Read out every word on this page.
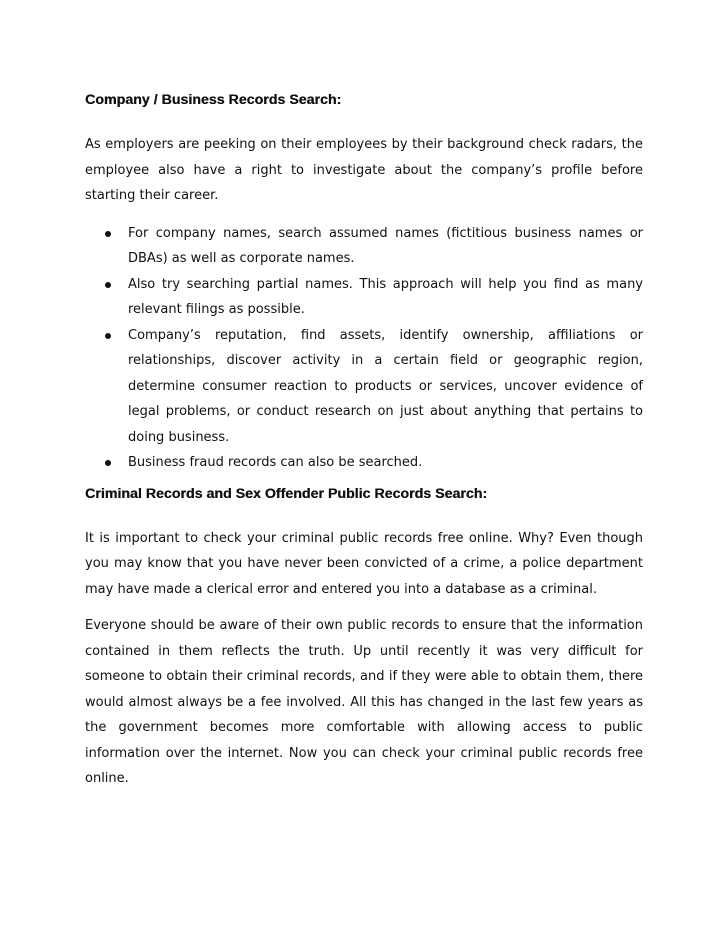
Company / Business Records Search:

As employers are peeking on their employees by their background check radars, the employee also have a right to investigate about the company’s profile before starting their career.

For company names, search assumed names (fictitious business names or DBAs) as well as corporate names.
Also try searching partial names. This approach will help you find as many relevant filings as possible.
Company’s reputation, find assets, identify ownership, affiliations or relationships, discover activity in a certain field or geographic region, determine consumer reaction to products or services, uncover evidence of legal problems, or conduct research on just about anything that pertains to doing business.
Business fraud records can also be searched.
Criminal Records and Sex Offender Public Records Search:

It is important to check your criminal public records free online. Why? Even though you may know that you have never been convicted of a crime, a police department may have made a clerical error and entered you into a database as a criminal.

Everyone should be aware of their own public records to ensure that the information contained in them reflects the truth. Up until recently it was very difficult for someone to obtain their criminal records, and if they were able to obtain them, there would almost always be a fee involved. All this has changed in the last few years as the government becomes more comfortable with allowing access to public information over the internet. Now you can check your criminal public records free online.
